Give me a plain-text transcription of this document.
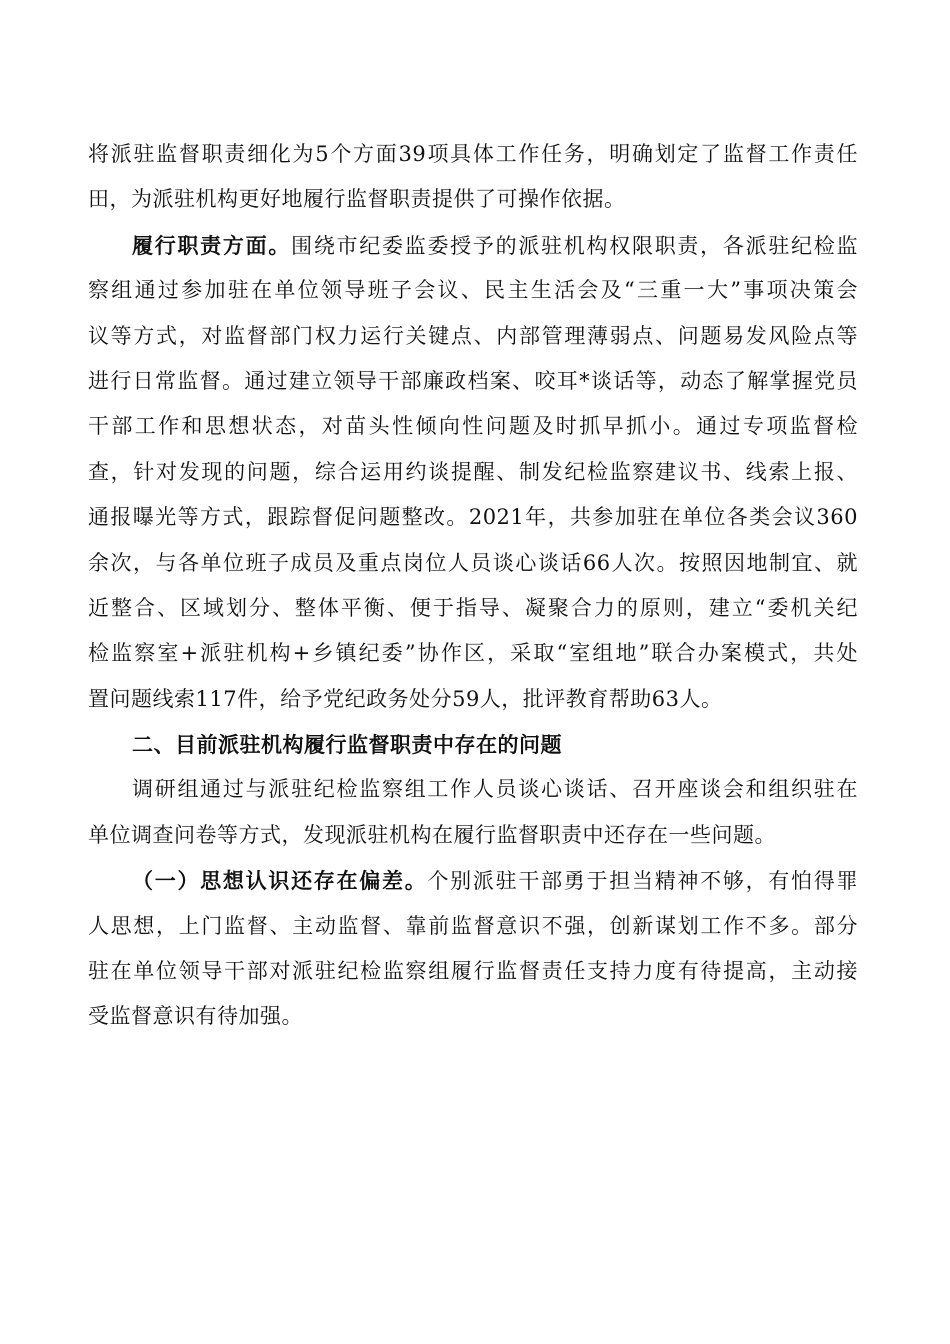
将派驻监督职责细化为5个方面39项具体工作任务，明确划定了监督工作责任
田，为派驻机构更好地履行监督职责提供了可操作依据。
履行职责方面。围绕市纪委监委授予的派驻机构权限职责，各派驻纪检监
察组通过参加驻在单位领导班子会议、民主生活会及“三重一大”事项决策会
议等方式，对监督部门权力运行关键点、内部管理薄弱点、问题易发风险点等
进行日常监督。通过建立领导干部廉政档案、咬耳*谈话等，动态了解掌握党员
干部工作和思想状态，对苗头性倾向性问题及时抓早抓小。通过专项监督检
查，针对发现的问题，综合运用约谈提醒、制发纪检监察建议书、线索上报、
通报曝光等方式，跟踪督促问题整改。2021年，共参加驻在单位各类会议360
余次，与各单位班子成员及重点岗位人员谈心谈话66人次。按照因地制宜、就
近整合、区域划分、整体平衡、便于指导、凝聚合力的原则，建立“委机关纪
检监察室+派驻机构+乡镇纪委”协作区，采取“室组地”联合办案模式，共处
置问题线索117件，给予党纪政务处分59人，批评教育帮助63人。
二、目前派驻机构履行监督职责中存在的问题
调研组通过与派驻纪检监察组工作人员谈心谈话、召开座谈会和组织驻在
单位调查问卷等方式，发现派驻机构在履行监督职责中还存在一些问题。
（一）思想认识还存在偏差。个别派驻干部勇于担当精神不够，有怕得罪
人思想，上门监督、主动监督、靠前监督意识不强，创新谋划工作不多。部分
驻在单位领导干部对派驻纪检监察组履行监督责任支持力度有待提高，主动接
受监督意识有待加强。
